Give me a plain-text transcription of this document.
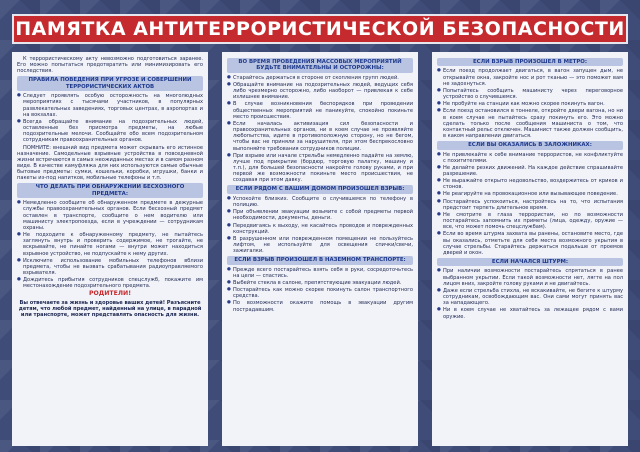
ПАМЯТКА АНТИТЕРРОРИСТИЧЕСКОЙ БЕЗОПАСНОСТИ

К террористическому акту невозможно подготовиться заранее. Его можно попытаться предотвратить или минимизировать его последствия.

ПРАВИЛА ПОВЕДЕНИЯ ПРИ УГРОЗЕ И СОВЕРШЕНИИ ТЕРРОРИСТИЧЕСКИХ АКТОВ
● Следует проявлять особую осторожность на многолюдных мероприятиях с тысячами участников, в популярных развлекательных заведениях, торговых центрах, в аэропортах и на вокзалах.
● Всегда обращайте внимание на подозрительных людей, оставленные без присмотра предметы, на любые подозрительные мелочи. Сообщайте обо всем подозрительном сотрудникам правоохранительных органов.

ПОМНИТЕ: внешний вид предмета может скрывать его истинное назначение. Самодельные взрывные устройства в повседневной жизни встречаются в самых неожиданных местах и в самом разном виде. В качестве камуфляжа для них используются самые обычные бытовые предметы: сумки, кошельки, коробки, игрушки, банки и пакеты из-под напитков, мобильные телефоны и т.п.

ЧТО ДЕЛАТЬ ПРИ ОБНАРУЖЕНИИ БЕСХОЗНОГО ПРЕДМЕТА:
● Немедленно сообщите об обнаруженном предмете в дежурные службы правоохранительных органов. Если бесхозный предмет оставлен в транспорте, сообщите о нем водителю или машинисту электропоезда, если в учреждении — сотрудникам охраны.
● Не подходите к обнаруженному предмету, не пытайтесь заглянуть внутрь и проверить содержимое, не трогайте, не вскрывайте, не пинайте ногами — внутри может находиться взрывное устройство, не подпускайте к нему других.
● Исключите использование мобильных телефонов вблизи предмета, чтобы не вызвать срабатывания радиоуправляемого взрывателя.
● Дождитесь прибытия сотрудников спецслужб, покажите им местонахождение подозрительного предмета.
РОДИТЕЛИ!
Вы отвечаете за жизнь и здоровье ваших детей! Разъясните детям, что любой предмет, найденный на улице, в парадной или транспорте, может представлять опасность для жизни.
ВО ВРЕМЯ ПРОВЕДЕНИЯ МАССОВЫХ МЕРОПРИЯТИЙ БУДЬТЕ ВНИМАТЕЛЬНЫ И ОСТОРОЖНЫ:
● Старайтесь держаться в стороне от скопления групп людей.
● Обращайте внимание на подозрительных людей, ведущих себя либо чрезмерно осторожно, либо наоборот — привлекая к себе излишнее внимание.
● В случае возникновения беспорядков при проведении общественных мероприятий не паникуйте, спокойно покиньте место происшествия.
● Если началась активизация сил безопасности и правоохранительных органов, ни в коем случае не проявляйте любопытства, идите в противоположную сторону, но не бегом, чтобы вас не приняли за нарушителя, при этом беспрекословно выполняйте требования сотрудников полиции.
● При взрыве или начале стрельбы немедленно падайте на землю, лучше под прикрытие (бордюр, торговую палатку, машину и т.п.), для большей безопасности накройте голову руками, и при первой же возможности покиньте место происшествия, не создавая при этом давку.
ЕСЛИ РЯДОМ С ВАШИМ ДОМОМ ПРОИЗОШЕЛ ВЗРЫВ:
● Успокойте близких. Сообщите о случившемся по телефону в полицию.
● При объявлении эвакуации возьмите с собой предметы первой необходимости, документы, деньги.
● Передвигаясь к выходу, не касайтесь проводов и поврежденных конструкций.
● В разрушенном или поврежденном помещении не пользуйтесь лифтом, не используйте для освещения спички/свечи, зажигалки.
ЕСЛИ ВЗРЫВ ПРОИЗОШЕЛ В НАЗЕМНОМ ТРАНСПОРТЕ:
● Прежде всего постарайтесь взять себя в руки, сосредоточьтесь на цели — спастись.
● Выбейте стекла в салоне, препятствующие эвакуации людей.
● Постарайтесь как можно скорее покинуть салон транспортного средства.
● По возможности окажите помощь в эвакуации другим пострадавшим.
ЕСЛИ ВЗРЫВ ПРОИЗОШЕЛ В МЕТРО:
● Если поезд продолжает двигаться, в вагон запущен дым, не открывайте окна, закройте нос и рот тканью — это поможет вам не задохнуться.
● Попытайтесь сообщить машинисту через переговорное устройство о случившемся.
● Не пробуйте на станции как можно скорее покинуть вагон.
● Если поезд остановился в тоннеле, откройте двери вагона, но ни в коем случае не пытайтесь сразу покинуть его. Это можно сделать только после сообщения машиниста о том, что контактный рельс отключен. Машинист также должен сообщить, в каком направлении двигаться.
ЕСЛИ ВЫ ОКАЗАЛИСЬ В ЗАЛОЖНИКАХ:
● Не привлекайте к себе внимание террористов, не конфликтуйте с похитителями.
● Не делайте резких движений. На каждое действие спрашивайте разрешение.
● Не выражайте открыто недовольство, воздержитесь от криков и стонов.
● Не реагируйте на провокационное или вызывающее поведение.
● Постарайтесь успокоиться, настройтесь на то, что испытания предстоит терпеть длительное время.
● Не смотрите в глаза террористам, но по возможности постарайтесь запомнить их приметы (лица, одежду, оружие — все, что может помочь спецслужбам).
● Если во время штурма захвата вы ранены, остановите место, где вы оказались, отметьте для себя места возможного укрытия в случае стрельбы. Старайтесь держаться подальше от проемов дверей и окон.
ЕСЛИ НАЧАЛСЯ ШТУРМ:
● При наличии возможности постарайтесь спрятаться в ранее выбранном укрытии. Если такой возможности нет, лягте на пол лицом вниз, закройте голову руками и не двигайтесь.
● Даже если стрельба стихла, не вскакивайте, не бегите к штурму сотрудникам, освобождающим вас. Они сами могут принять вас за нападающего.
● Ни в коем случае не хватайтесь за лежащее рядом с вами оружие.
